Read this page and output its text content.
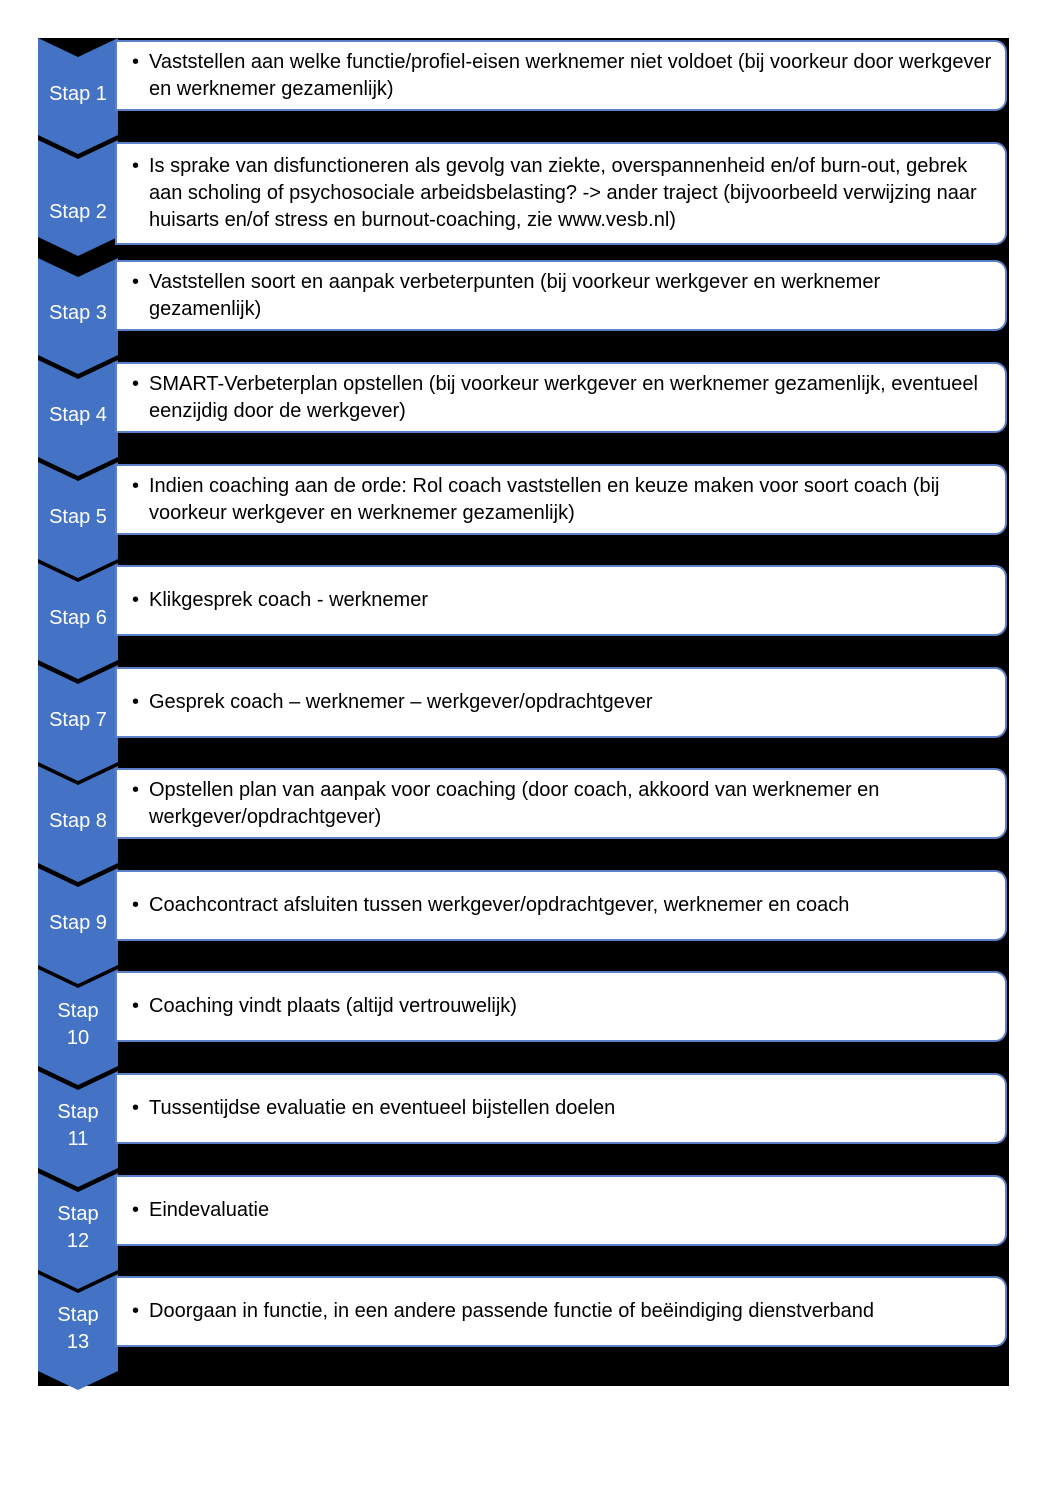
Stap 1
• Vaststellen aan welke functie/profiel-eisen werknemer niet voldoet (bij voorkeur door werkgever en werknemer gezamenlijk)
Stap 2
• Is sprake van disfunctioneren als gevolg van ziekte, overspannenheid en/of burn-out, gebrek aan scholing of psychosociale arbeidsbelasting? -> ander traject (bijvoorbeeld verwijzing naar huisarts en/of stress en burnout-coaching, zie www.vesb.nl)
Stap 3
• Vaststellen soort en aanpak verbeterpunten (bij voorkeur werkgever en werknemer gezamenlijk)
Stap 4
• SMART-Verbeterplan opstellen (bij voorkeur werkgever en werknemer gezamenlijk, eventueel eenzijdig door de werkgever)
Stap 5
• Indien coaching aan de orde: Rol coach vaststellen en keuze maken voor soort coach (bij voorkeur werkgever en werknemer gezamenlijk)
Stap 6
• Klikgesprek coach - werknemer
Stap 7
• Gesprek coach – werknemer – werkgever/opdrachtgever
Stap 8
• Opstellen plan van aanpak voor coaching (door coach, akkoord van werknemer en werkgever/opdrachtgever)
Stap 9
• Coachcontract afsluiten tussen werkgever/opdrachtgever, werknemer en coach
Stap 10
• Coaching vindt plaats (altijd vertrouwelijk)
Stap 11
• Tussentijdse evaluatie en eventueel bijstellen doelen
Stap 12
• Eindevaluatie
Stap 13
• Doorgaan in functie, in een andere passende functie of beëindiging dienstverband
